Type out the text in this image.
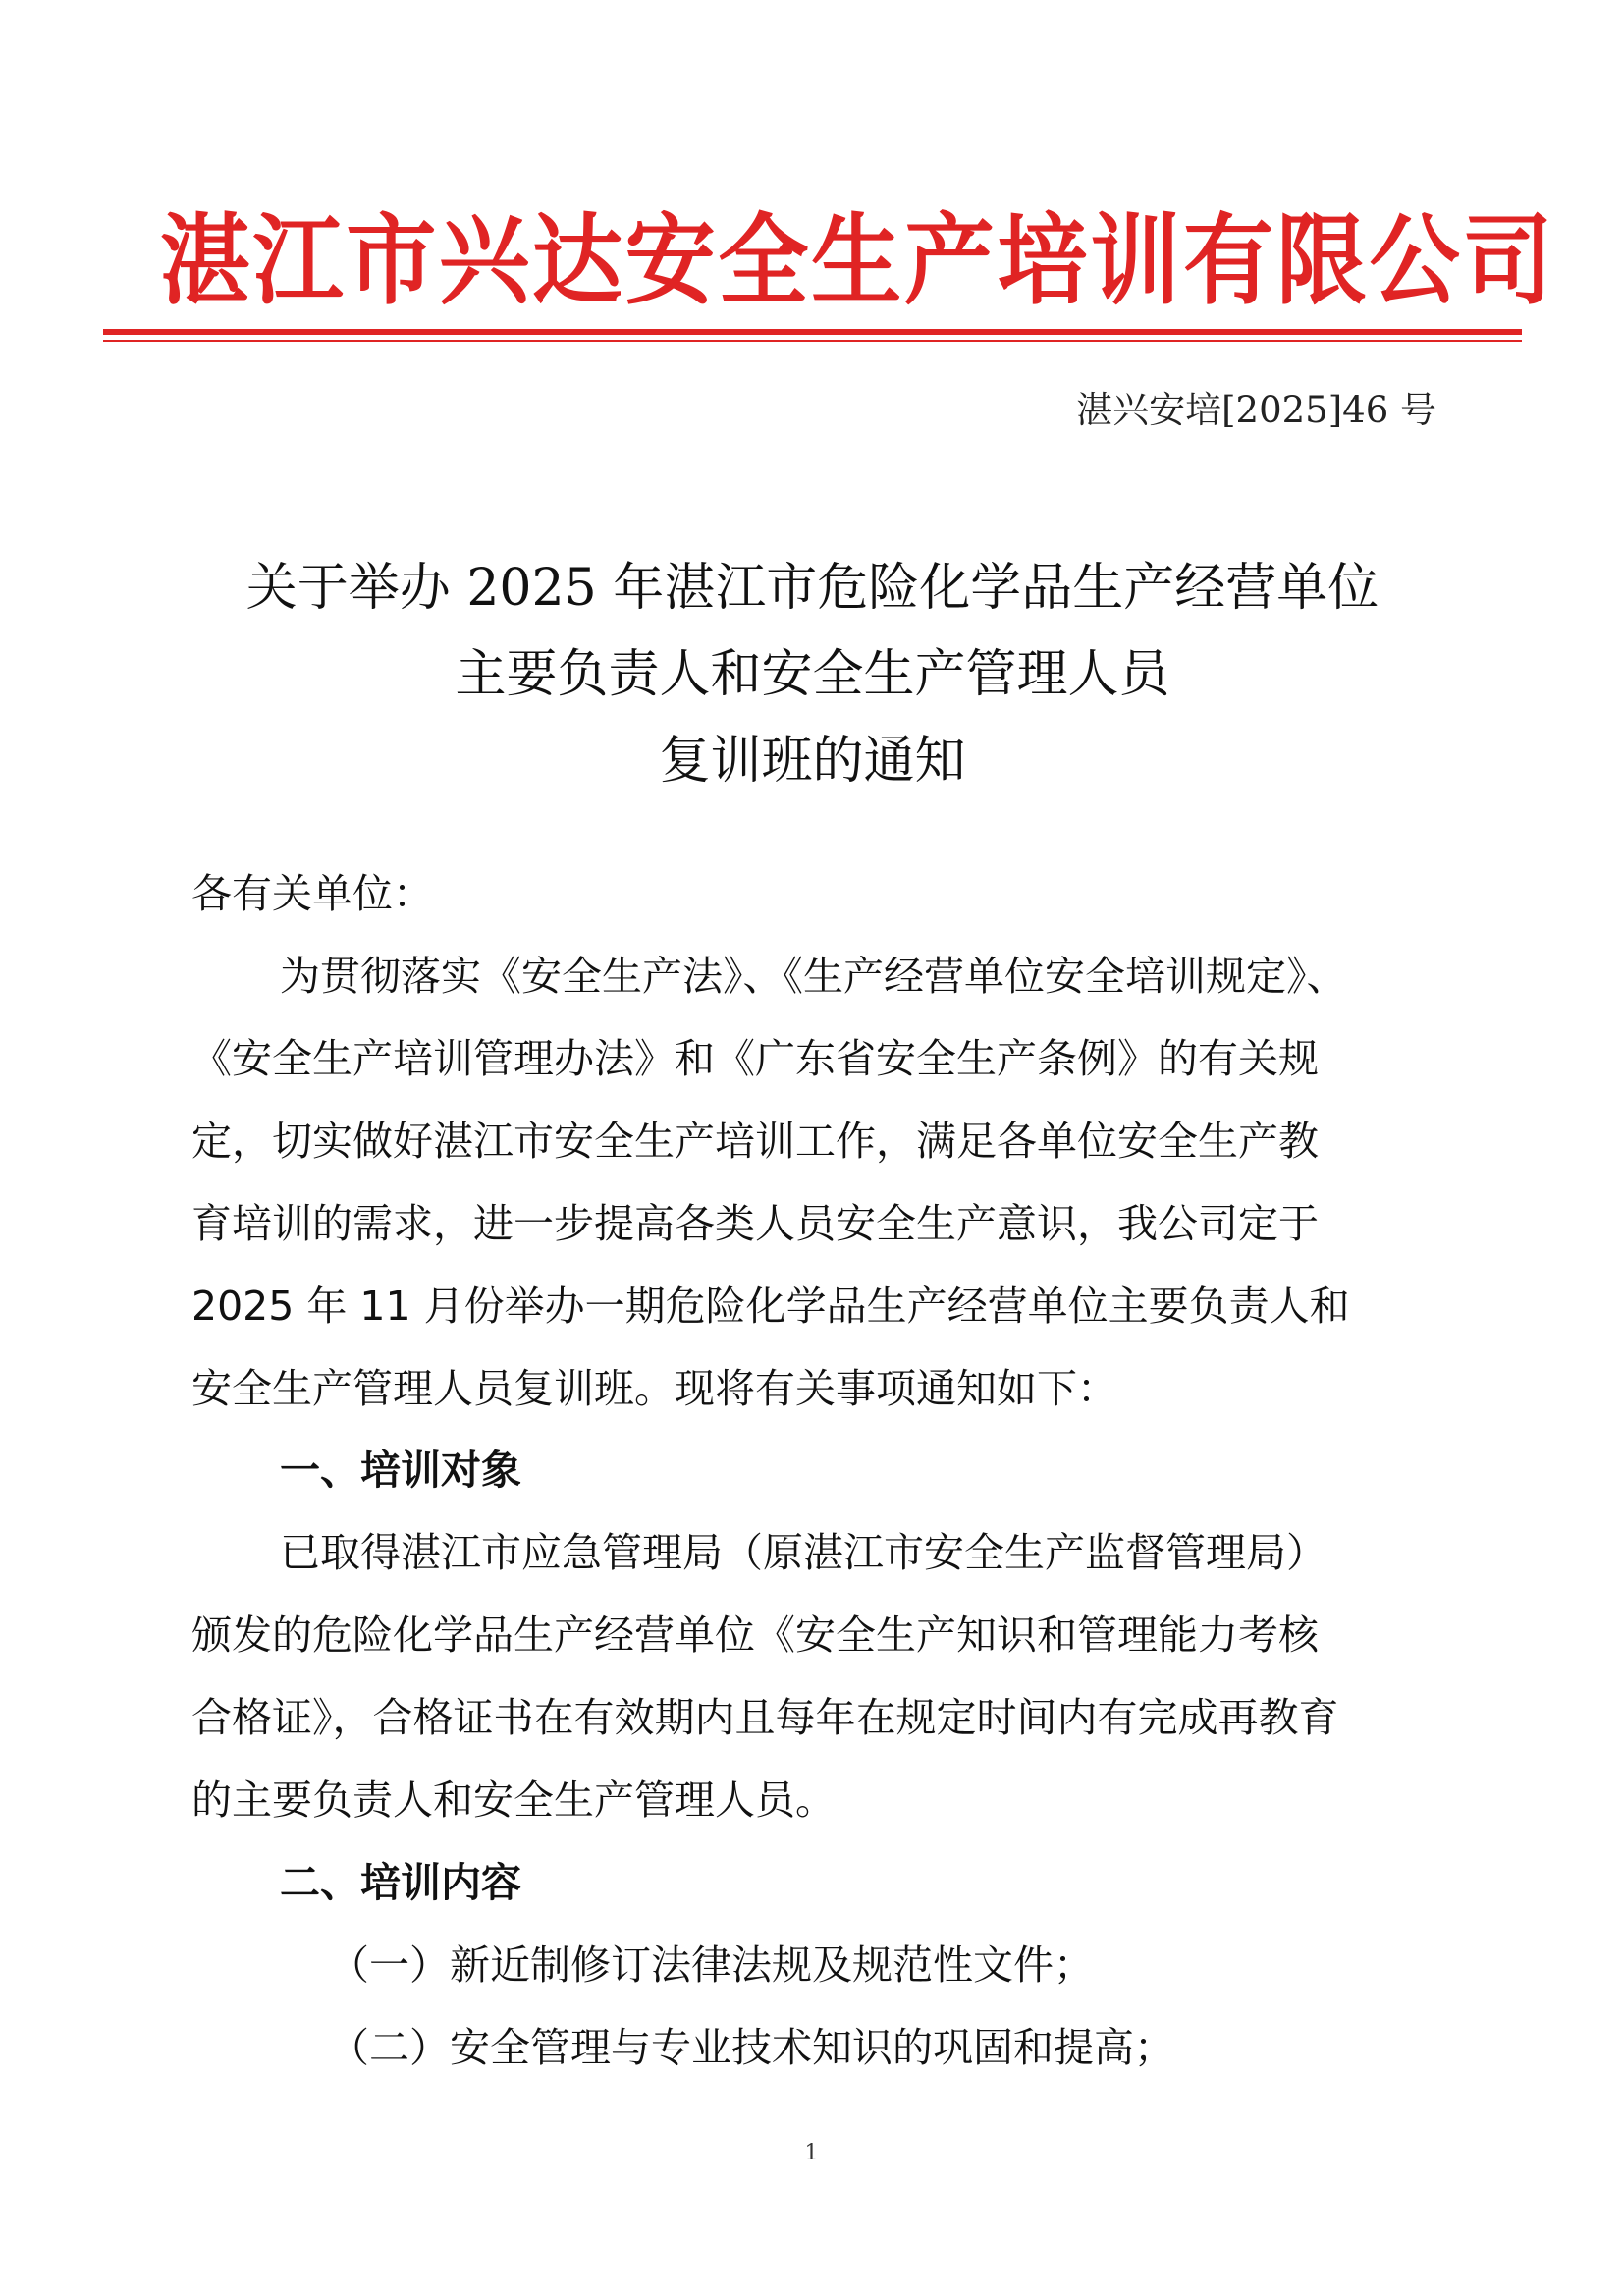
湛江市兴达安全生产培训有限公司
湛兴安培[2025]46 号
关于举办 2025 年湛江市危险化学品生产经营单位
主要负责人和安全生产管理人员
复训班的通知
各有关单位：
为贯彻落实《安全生产法》、《生产经营单位安全培训规定》、
《安全生产培训管理办法》和《广东省安全生产条例》的有关规
定，切实做好湛江市安全生产培训工作，满足各单位安全生产教
育培训的需求，进一步提高各类人员安全生产意识，我公司定于
2025 年 11 月份举办一期危险化学品生产经营单位主要负责人和
安全生产管理人员复训班。现将有关事项通知如下：
一、培训对象
已取得湛江市应急管理局（原湛江市安全生产监督管理局）
颁发的危险化学品生产经营单位《安全生产知识和管理能力考核
合格证》，合格证书在有效期内且每年在规定时间内有完成再教育
的主要负责人和安全生产管理人员。
二、培训内容
（一）新近制修订法律法规及规范性文件；
（二）安全管理与专业技术知识的巩固和提高；
1
